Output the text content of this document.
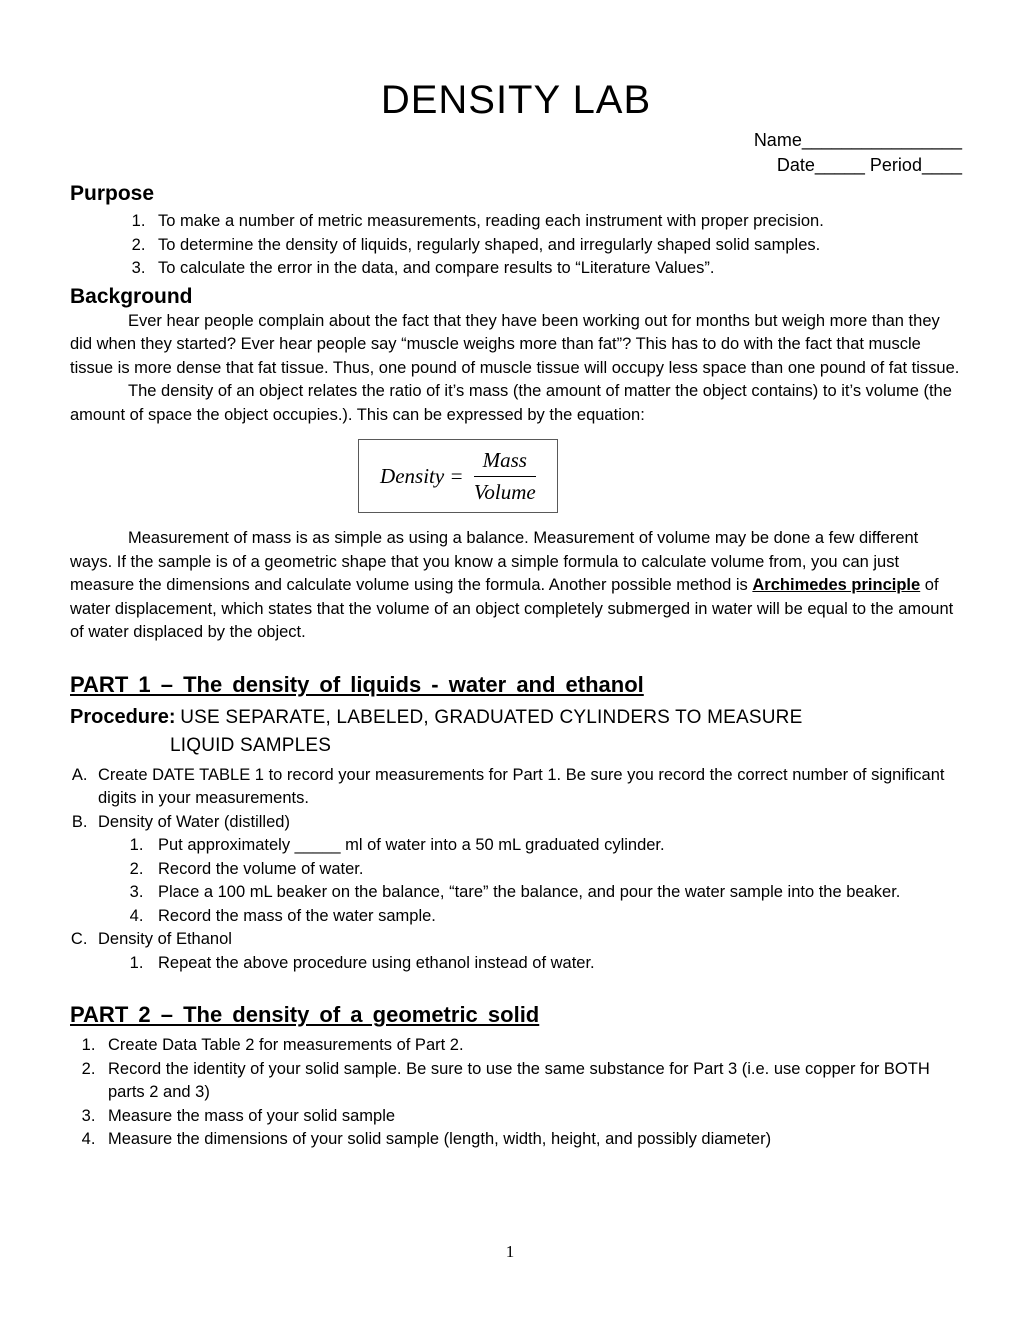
DENSITY LAB
Name________________
Date_____ Period____
Purpose
1. To make a number of metric measurements, reading each instrument with proper precision.
2. To determine the density of liquids, regularly shaped, and irregularly shaped solid samples.
3. To calculate the error in the data, and compare results to “Literature Values”.
Background

Ever hear people complain about the fact that they have been working out for months but weigh more than they did when they started? Ever hear people say “muscle weighs more than fat”? This has to do with the fact that muscle tissue is more dense that fat tissue. Thus, one pound of muscle tissue will occupy less space than one pound of fat tissue.

The density of an object relates the ratio of it’s mass (the amount of matter the object contains) to it’s volume (the amount of space the object occupies.). This can be expressed by the equation:

Density = $\frac{\text{Mass}}{\text{Volume}}$

Measurement of mass is as simple as using a balance. Measurement of volume may be done a few different ways. If the sample is of a geometric shape that you know a simple formula to calculate volume from, you can just measure the dimensions and calculate volume using the formula. Another possible method is Archimedes principle of water displacement, which states that the volume of an object completely submerged in water will be equal to the amount of water displaced by the object.

PART 1 – The density of liquids - water and ethanol
Procedure: USE SEPARATE, LABELED, GRADUATED CYLINDERS TO MEASURE
LIQUID SAMPLES
A. Create DATE TABLE 1 to record your measurements for Part 1. Be sure you record the correct number of significant digits in your measurements.
B. Density of Water (distilled)
1. Put approximately _____ ml of water into a 50 mL graduated cylinder.
2. Record the volume of water.
3. Place a 100 mL beaker on the balance, “tare” the balance, and pour the water sample into the beaker.
4. Record the mass of the water sample.
C. Density of Ethanol
1. Repeat the above procedure using ethanol instead of water.
PART 2 – The density of a geometric solid
1. Create Data Table 2 for measurements of Part 2.
2. Record the identity of your solid sample. Be sure to use the same substance for Part 3 (i.e. use copper for BOTH parts 2 and 3)
3. Measure the mass of your solid sample
4. Measure the dimensions of your solid sample (length, width, height, and possibly diameter)
1
